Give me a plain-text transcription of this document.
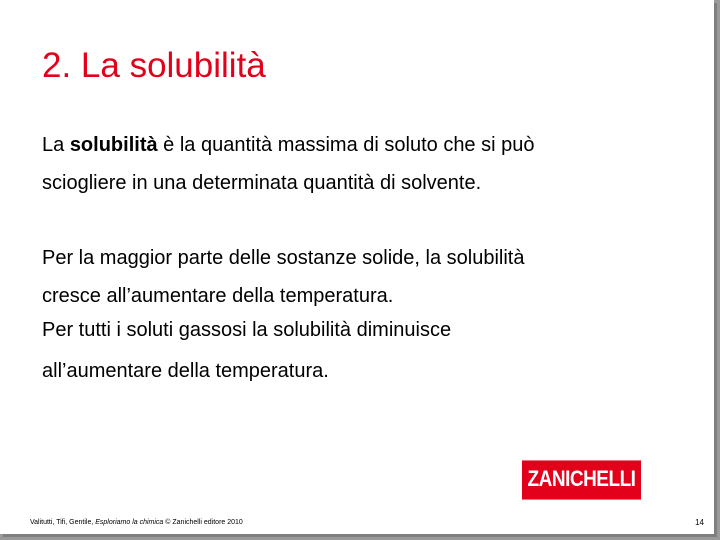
2. La solubilità

La solubilità è la quantità massima di soluto che si può

sciogliere in una determinata quantità di solvente.

Per la maggior parte delle sostanze solide, la solubilità

cresce all’aumentare della temperatura.

Per tutti i soluti gassosi la solubilità diminuisce

all’aumentare della temperatura.

ZANICHELLI
Valitutti, Tifi, Gentile, Esploriamo la chimica © Zanichelli editore 2010	14
